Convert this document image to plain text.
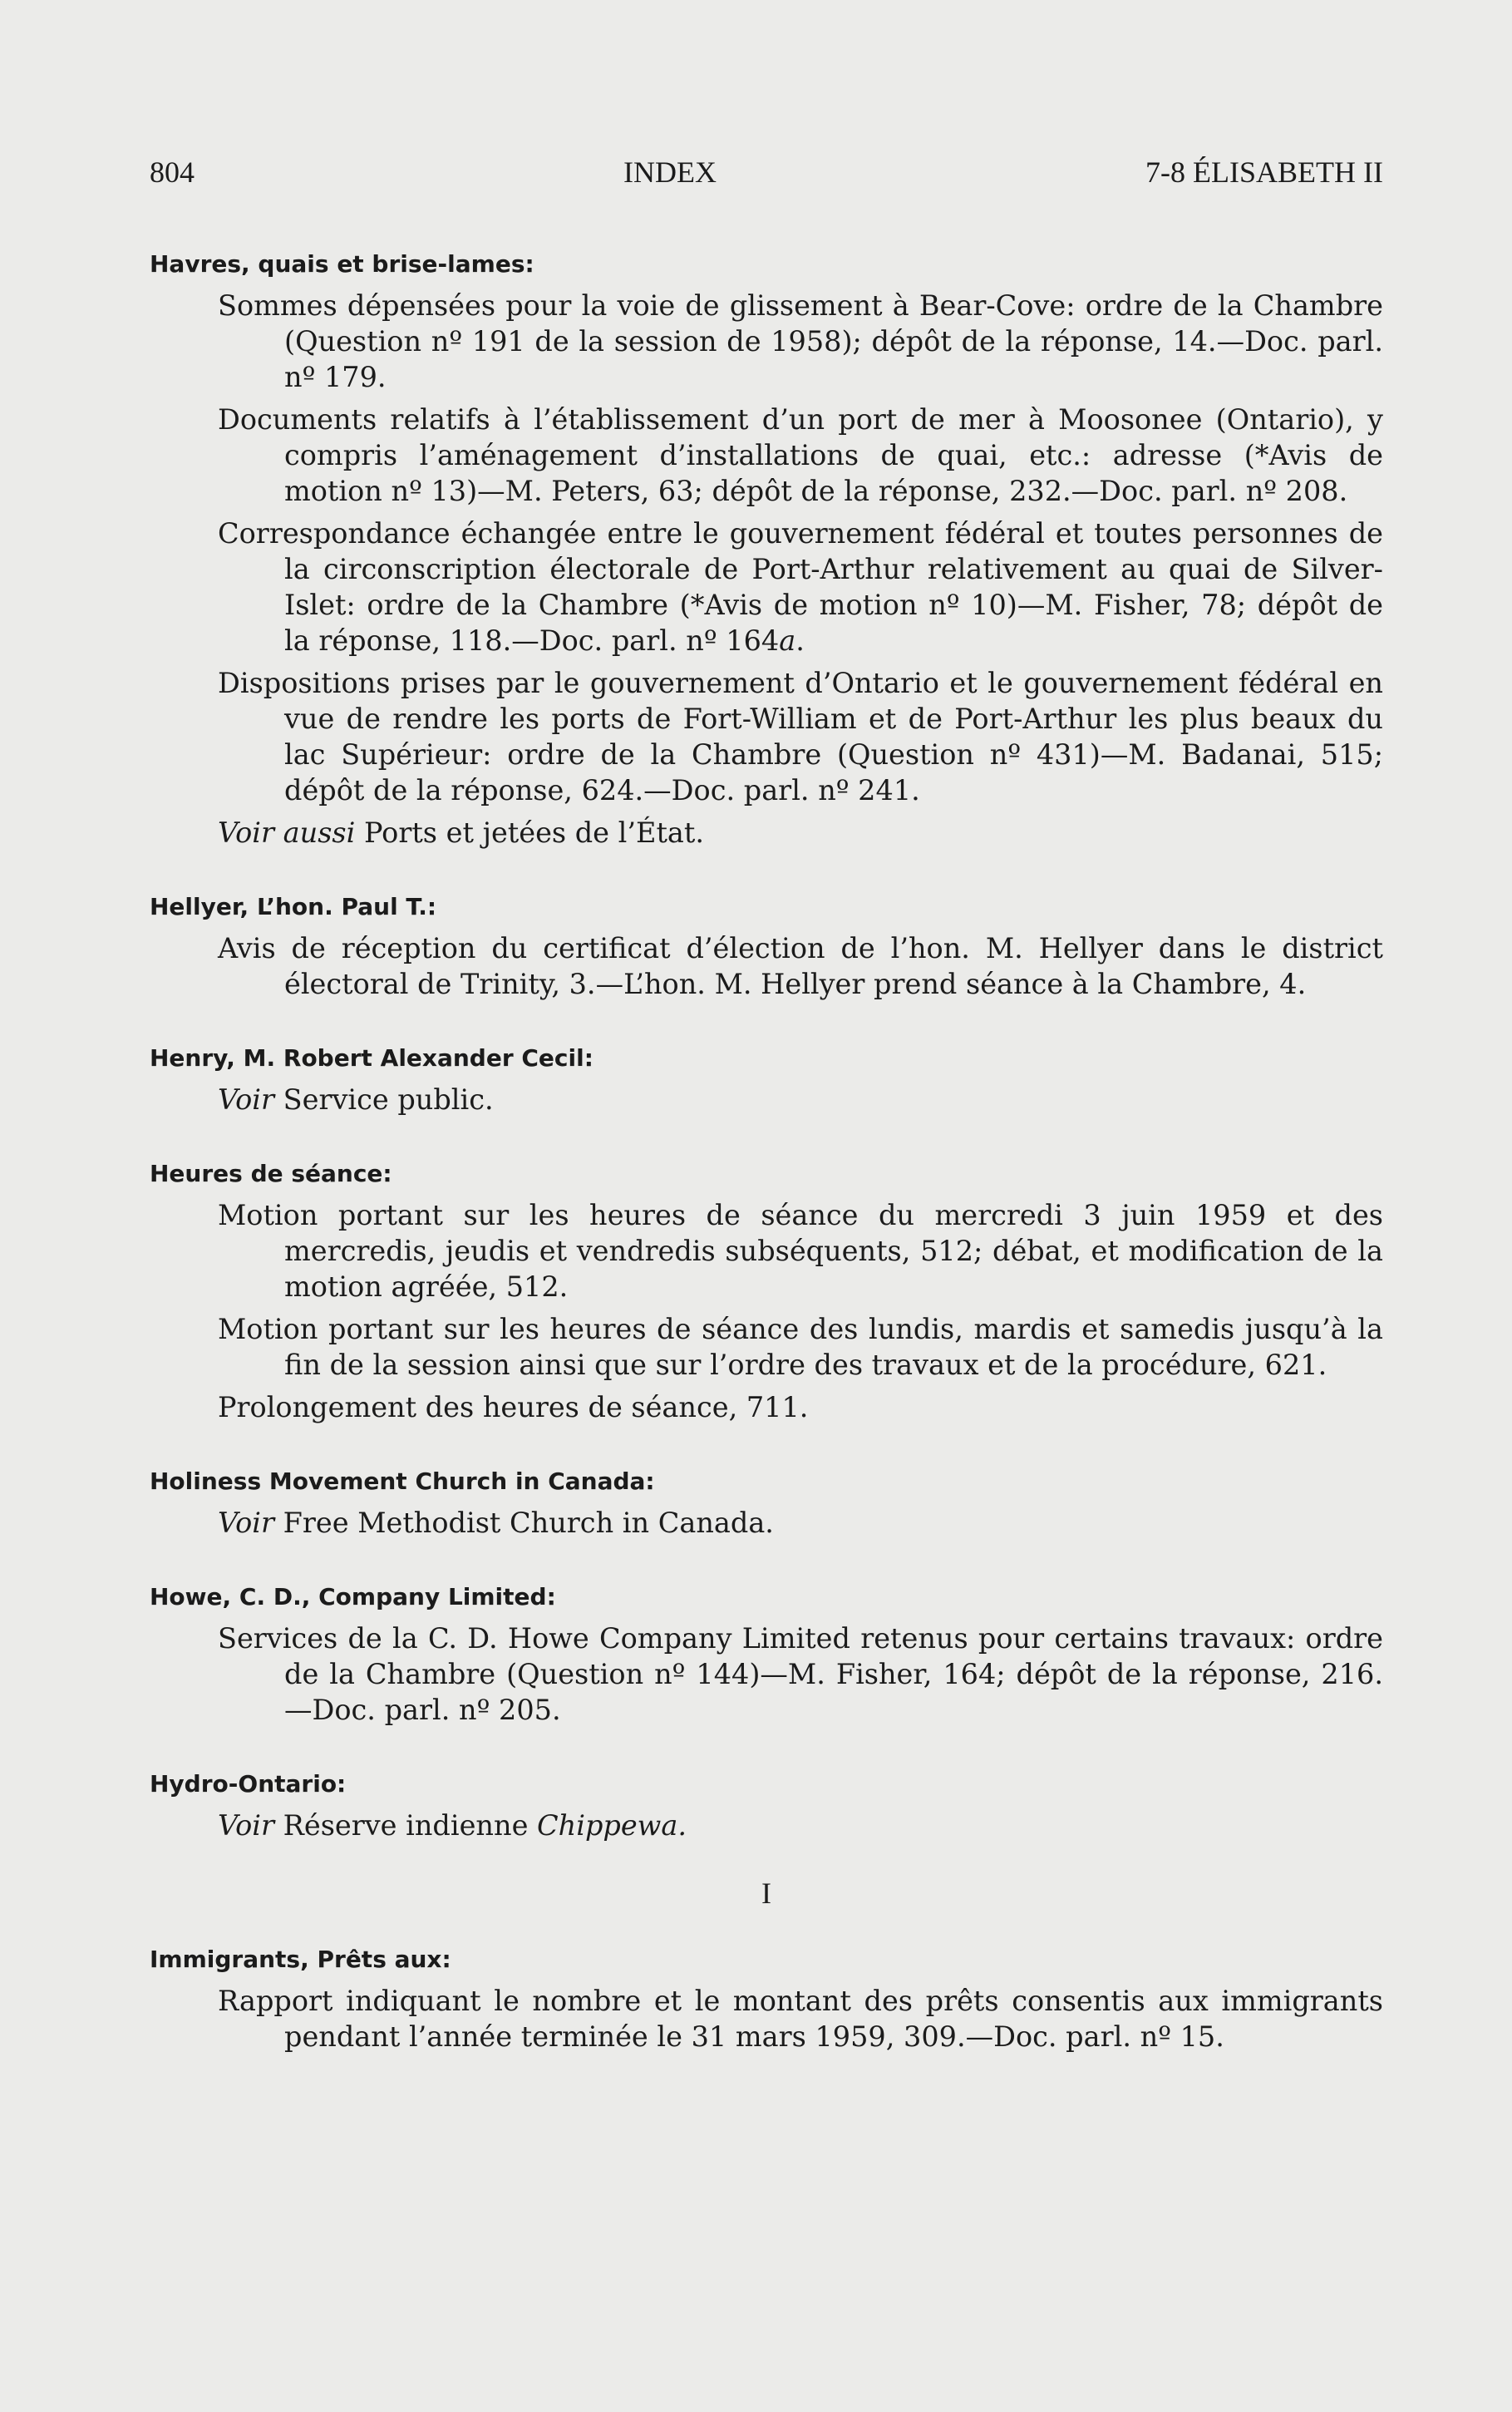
804	INDEX	7-8 ÉLISABETH II

Havres, quais et brise-lames:

Sommes dépensées pour la voie de glissement à Bear-Cove: ordre de la Chambre (Question nº 191 de la session de 1958); dépôt de la réponse, 14.—Doc. parl. nº 179.

Documents relatifs à l’établissement d’un port de mer à Moosonee (Ontario), y compris l’aménagement d’installations de quai, etc.: adresse (*Avis de motion nº 13)—M. Peters, 63; dépôt de la réponse, 232.—Doc. parl. nº 208.

Correspondance échangée entre le gouvernement fédéral et toutes personnes de la circonscription électorale de Port-Arthur relativement au quai de Silver-Islet: ordre de la Chambre (*Avis de motion nº 10)—M. Fisher, 78; dépôt de la réponse, 118.—Doc. parl. nº 164a.

Dispositions prises par le gouvernement d’Ontario et le gouvernement fédéral en vue de rendre les ports de Fort-William et de Port-Arthur les plus beaux du lac Supérieur: ordre de la Chambre (Question nº 431)—M. Badanai, 515; dépôt de la réponse, 624.—Doc. parl. nº 241.

Voir aussi Ports et jetées de l’État.

Hellyer, L’hon. Paul T.:

Avis de réception du certificat d’élection de l’hon. M. Hellyer dans le district électoral de Trinity, 3.—L’hon. M. Hellyer prend séance à la Chambre, 4.

Henry, M. Robert Alexander Cecil:

Voir Service public.

Heures de séance:

Motion portant sur les heures de séance du mercredi 3 juin 1959 et des mercredis, jeudis et vendredis subséquents, 512; débat, et modification de la motion agréée, 512.

Motion portant sur les heures de séance des lundis, mardis et samedis jusqu’à la fin de la session ainsi que sur l’ordre des travaux et de la procédure, 621.

Prolongement des heures de séance, 711.

Holiness Movement Church in Canada:

Voir Free Methodist Church in Canada.

Howe, C. D., Company Limited:

Services de la C. D. Howe Company Limited retenus pour certains travaux: ordre de la Chambre (Question nº 144)—M. Fisher, 164; dépôt de la réponse, 216.—Doc. parl. nº 205.

Hydro-Ontario:

Voir Réserve indienne Chippewa.

I

Immigrants, Prêts aux:

Rapport indiquant le nombre et le montant des prêts consentis aux immigrants pendant l’année terminée le 31 mars 1959, 309.—Doc. parl. nº 15.
